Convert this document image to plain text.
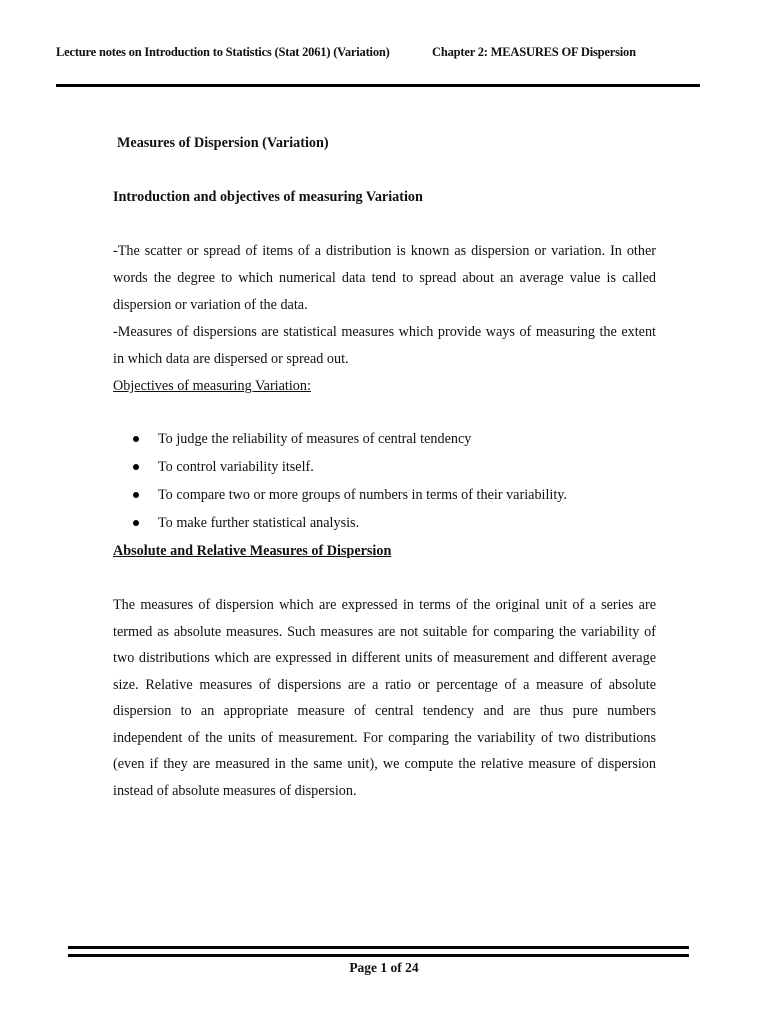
Lecture notes on Introduction to Statistics (Stat 2061) (Variation)	Chapter 2: MEASURES OF Dispersion
Measures of Dispersion (Variation)
Introduction and objectives of measuring Variation
-The scatter or spread of items of a distribution is known as dispersion or variation. In other words the degree to which numerical data tend to spread about an average value is called dispersion or variation of the data.
-Measures of dispersions are statistical measures which provide ways of measuring the extent in which data are dispersed or spread out.
Objectives of measuring Variation:
To judge the reliability of measures of central tendency
To control variability itself.
To compare two or more groups of numbers in terms of their variability.
To make further statistical analysis.
Absolute and Relative Measures of Dispersion
The measures of dispersion which are expressed in terms of the original unit of a series are termed as absolute measures. Such measures are not suitable for comparing the variability of two distributions which are expressed in different units of measurement and different average size. Relative measures of dispersions are a ratio or percentage of a measure of absolute dispersion to an appropriate measure of central tendency and are thus pure numbers independent of the units of measurement. For comparing the variability of two distributions (even if they are measured in the same unit), we compute the relative measure of dispersion instead of absolute measures of dispersion.
Page 1 of 24
